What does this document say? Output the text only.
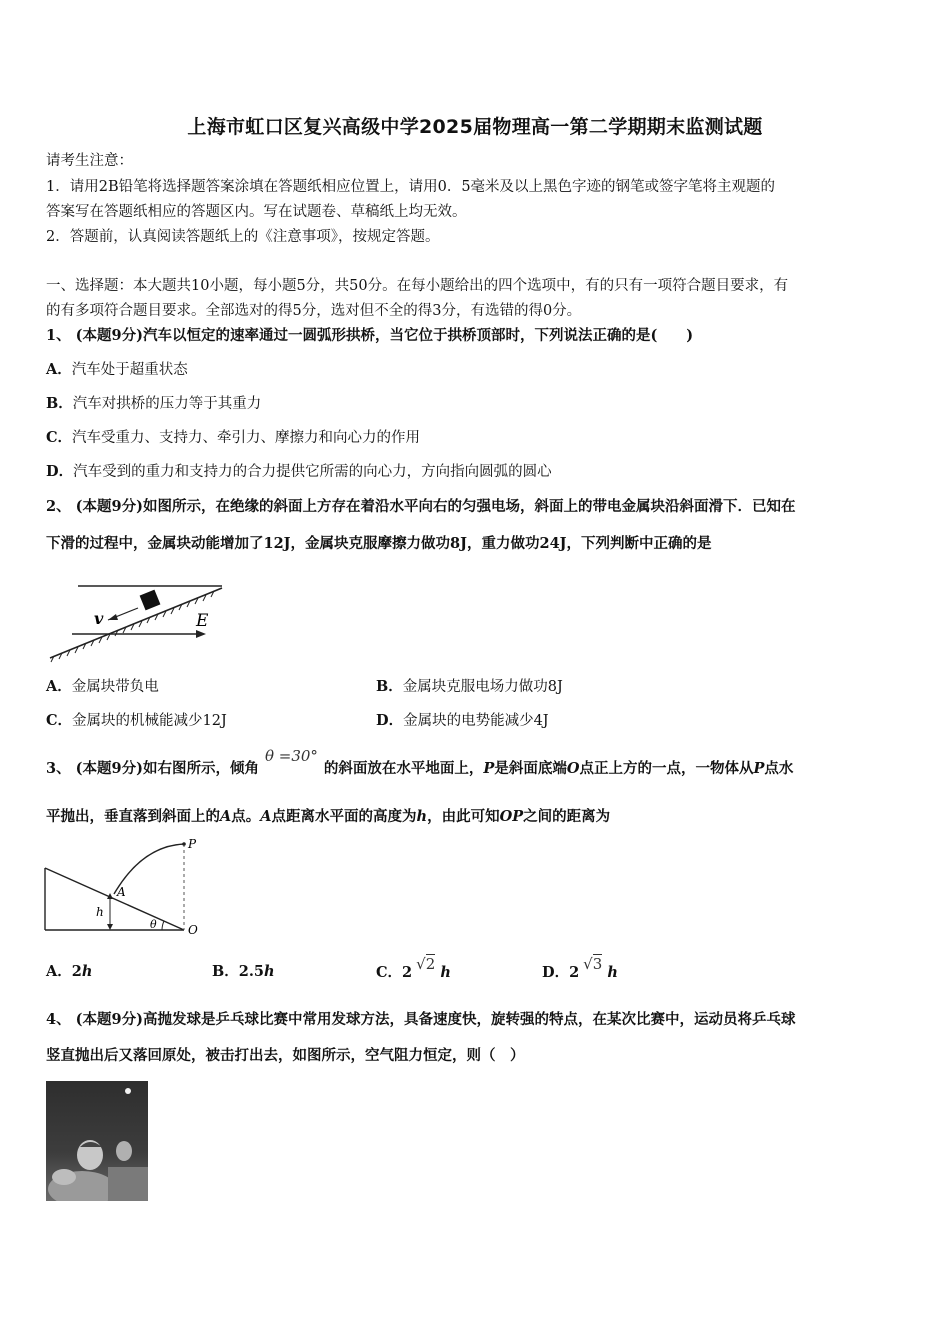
上海市虹口区复兴高级中学2025届物理高一第二学期期末监测试题
请考生注意：
1．请用2B铅笔将选择题答案涂填在答题纸相应位置上，请用0．5毫米及以上黑色字迹的钢笔或签字笔将主观题的
答案写在答题纸相应的答题区内。写在试题卷、草稿纸上均无效。
2．答题前，认真阅读答题纸上的《注意事项》，按规定答题。
一、选择题：本大题共10小题，每小题5分，共50分。在每小题给出的四个选项中，有的只有一项符合题目要求，有
的有多项符合题目要求。全部选对的得5分，选对但不全的得3分，有选错的得0分。
1、 (本题9分)汽车以恒定的速率通过一圆弧形拱桥，当它位于拱桥顶部时，下列说法正确的是(　　)
A．汽车处于超重状态
B．汽车对拱桥的压力等于其重力
C．汽车受重力、支持力、牵引力、摩擦力和向心力的作用
D．汽车受到的重力和支持力的合力提供它所需的向心力，方向指向圆弧的圆心
2、 (本题9分)如图所示，在绝缘的斜面上方存在着沿水平向右的匀强电场，斜面上的带电金属块沿斜面滑下．已知在
下滑的过程中，金属块动能增加了12J，金属块克服摩擦力做功8J，重力做功24J，下列判断中正确的是
v	E
A．金属块带负电	B．金属块克服电场力做功8J
C．金属块的机械能减少12J	D．金属块的电势能减少4J
3、 (本题9分)如右图所示，倾角θ =30°的斜面放在水平地面上，P是斜面底端O点正上方的一点，一物体从P点水
平抛出，垂直落到斜面上的A点。A点距离水平面的高度为h，由此可知OP之间的距离为
P
A
h
θ	O
A．2h	B．2.5h	C．2 √2 h	D．2 √3 h
4、 (本题9分)高抛发球是乒乓球比赛中常用发球方法，具备速度快，旋转强的特点，在某次比赛中，运动员将乒乓球
竖直抛出后又落回原处，被击打出去，如图所示，空气阻力恒定，则（　）
